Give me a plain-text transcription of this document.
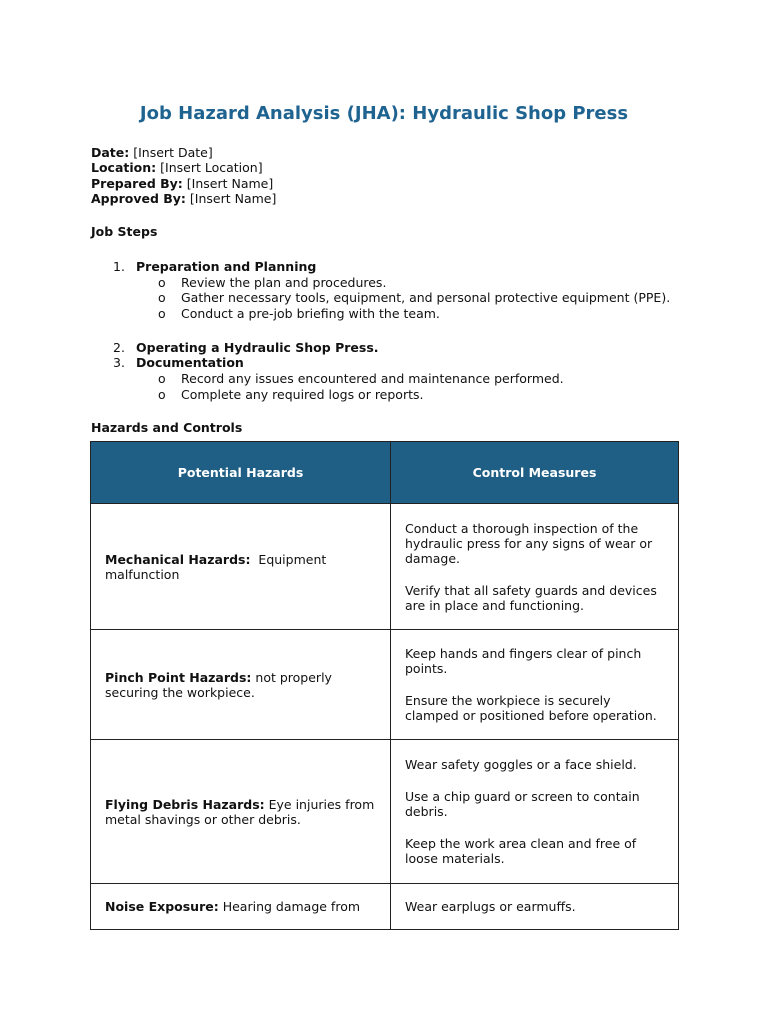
Job Hazard Analysis (JHA): Hydraulic Shop Press
Date: [Insert Date]
Location: [Insert Location]
Prepared By: [Insert Name]
Approved By: [Insert Name]
Job Steps
1. Preparation and Planning
o Review the plan and procedures.
o Gather necessary tools, equipment, and personal protective equipment (PPE).
o Conduct a pre-job briefing with the team.
2. Operating a Hydraulic Shop Press.
3. Documentation
o Record any issues encountered and maintenance performed.
o Complete any required logs or reports.
Hazards and Controls
Potential Hazards	Control Measures
Mechanical Hazards:  Equipment malfunction	Conduct a thorough inspection of the hydraulic press for any signs of wear or damage.

Verify that all safety guards and devices are in place and functioning.

Pinch Point Hazards: not properly securing the workpiece.	Keep hands and fingers clear of pinch points.

Ensure the workpiece is securely clamped or positioned before operation.

Flying Debris Hazards: Eye injuries from metal shavings or other debris.	Wear safety goggles or a face shield.

Use a chip guard or screen to contain debris.

Keep the work area clean and free of loose materials.

Noise Exposure: Hearing damage from	Wear earplugs or earmuffs.
